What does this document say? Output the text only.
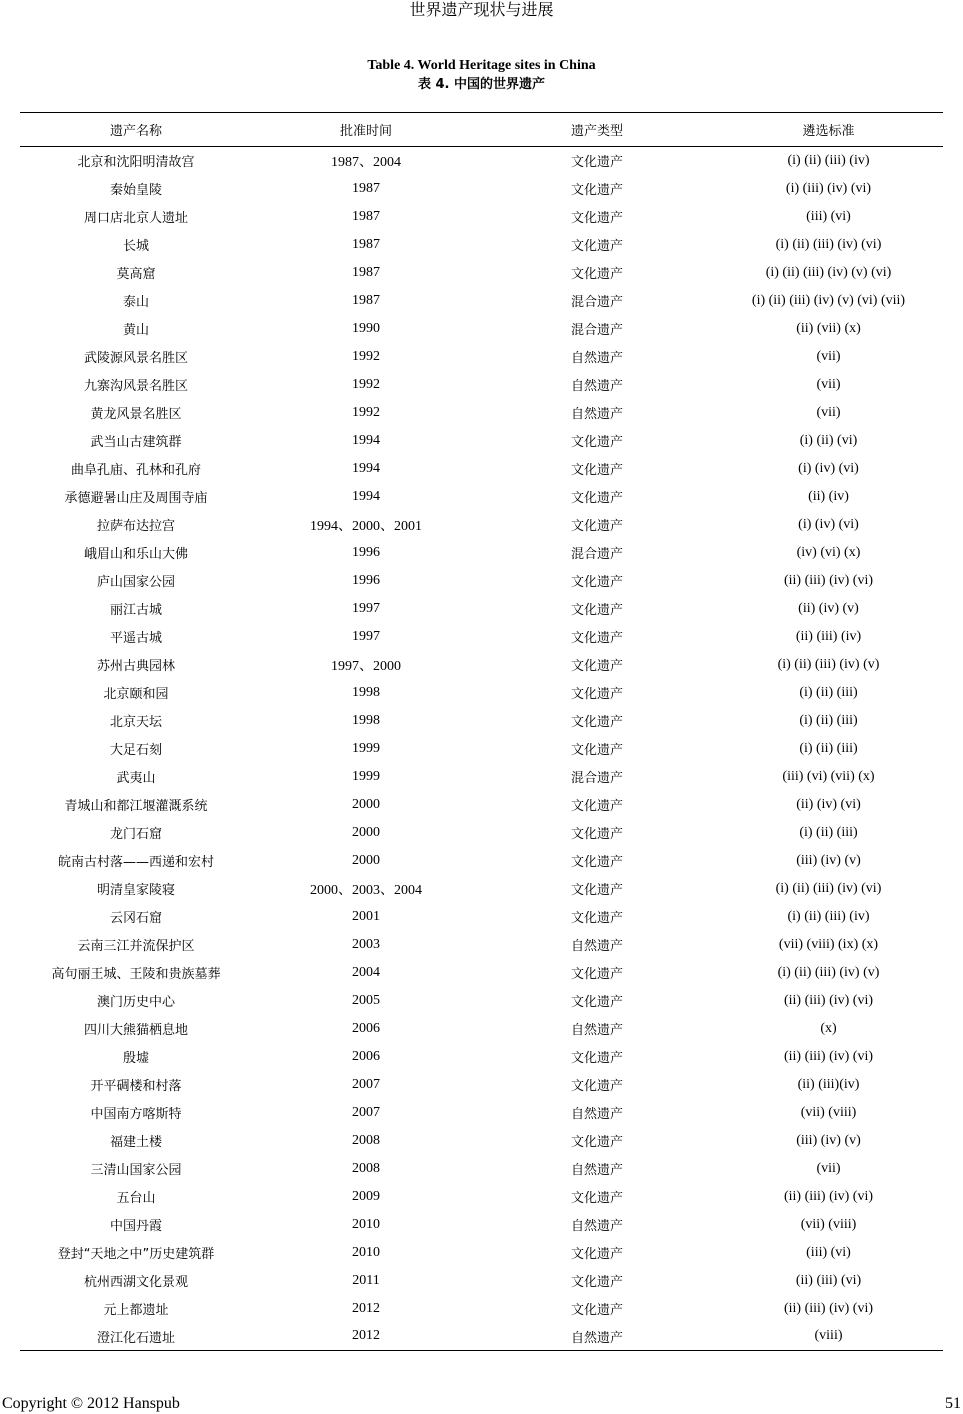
世界遗产现状与进展
Table 4. World Heritage sites in China
表 4. 中国的世界遗产
遗产名称	批准时间	遗产类型	遴选标准
北京和沈阳明清故宫	1987、2004	文化遗产	(i) (ii) (iii) (iv)
秦始皇陵	1987	文化遗产	(i) (iii) (iv) (vi)
周口店北京人遗址	1987	文化遗产	(iii) (vi)
长城	1987	文化遗产	(i) (ii) (iii) (iv) (vi)
莫高窟	1987	文化遗产	(i) (ii) (iii) (iv) (v) (vi)
泰山	1987	混合遗产	(i) (ii) (iii) (iv) (v) (vi) (vii)
黄山	1990	混合遗产	(ii) (vii) (x)
武陵源风景名胜区	1992	自然遗产	(vii)
九寨沟风景名胜区	1992	自然遗产	(vii)
黄龙风景名胜区	1992	自然遗产	(vii)
武当山古建筑群	1994	文化遗产	(i) (ii) (vi)
曲阜孔庙、孔林和孔府	1994	文化遗产	(i) (iv) (vi)
承德避暑山庄及周围寺庙	1994	文化遗产	(ii) (iv)
拉萨布达拉宫	1994、2000、2001	文化遗产	(i) (iv) (vi)
峨眉山和乐山大佛	1996	混合遗产	(iv) (vi) (x)
庐山国家公园	1996	文化遗产	(ii) (iii) (iv) (vi)
丽江古城	1997	文化遗产	(ii) (iv) (v)
平遥古城	1997	文化遗产	(ii) (iii) (iv)
苏州古典园林	1997、2000	文化遗产	(i) (ii) (iii) (iv) (v)
北京颐和园	1998	文化遗产	(i) (ii) (iii)
北京天坛	1998	文化遗产	(i) (ii) (iii)
大足石刻	1999	文化遗产	(i) (ii) (iii)
武夷山	1999	混合遗产	(iii) (vi) (vii) (x)
青城山和都江堰灌溉系统	2000	文化遗产	(ii) (iv) (vi)
龙门石窟	2000	文化遗产	(i) (ii) (iii)
皖南古村落——西递和宏村	2000	文化遗产	(iii) (iv) (v)
明清皇家陵寝	2000、2003、2004	文化遗产	(i) (ii) (iii) (iv) (vi)
云冈石窟	2001	文化遗产	(i) (ii) (iii) (iv)
云南三江并流保护区	2003	自然遗产	(vii) (viii) (ix) (x)
高句丽王城、王陵和贵族墓葬	2004	文化遗产	(i) (ii) (iii) (iv) (v)
澳门历史中心	2005	文化遗产	(ii) (iii) (iv) (vi)
四川大熊猫栖息地	2006	自然遗产	(x)
殷墟	2006	文化遗产	(ii) (iii) (iv) (vi)
开平碉楼和村落	2007	文化遗产	(ii) (iii)(iv)
中国南方喀斯特	2007	自然遗产	(vii) (viii)
福建土楼	2008	文化遗产	(iii) (iv) (v)
三清山国家公园	2008	自然遗产	(vii)
五台山	2009	文化遗产	(ii) (iii) (iv) (vi)
中国丹霞	2010	自然遗产	(vii) (viii)
登封“天地之中”历史建筑群	2010	文化遗产	(iii) (vi)
杭州西湖文化景观	2011	文化遗产	(ii) (iii) (vi)
元上都遗址	2012	文化遗产	(ii) (iii) (iv) (vi)
澄江化石遗址	2012	自然遗产	(viii)
Copyright © 2012 Hanspub	51
